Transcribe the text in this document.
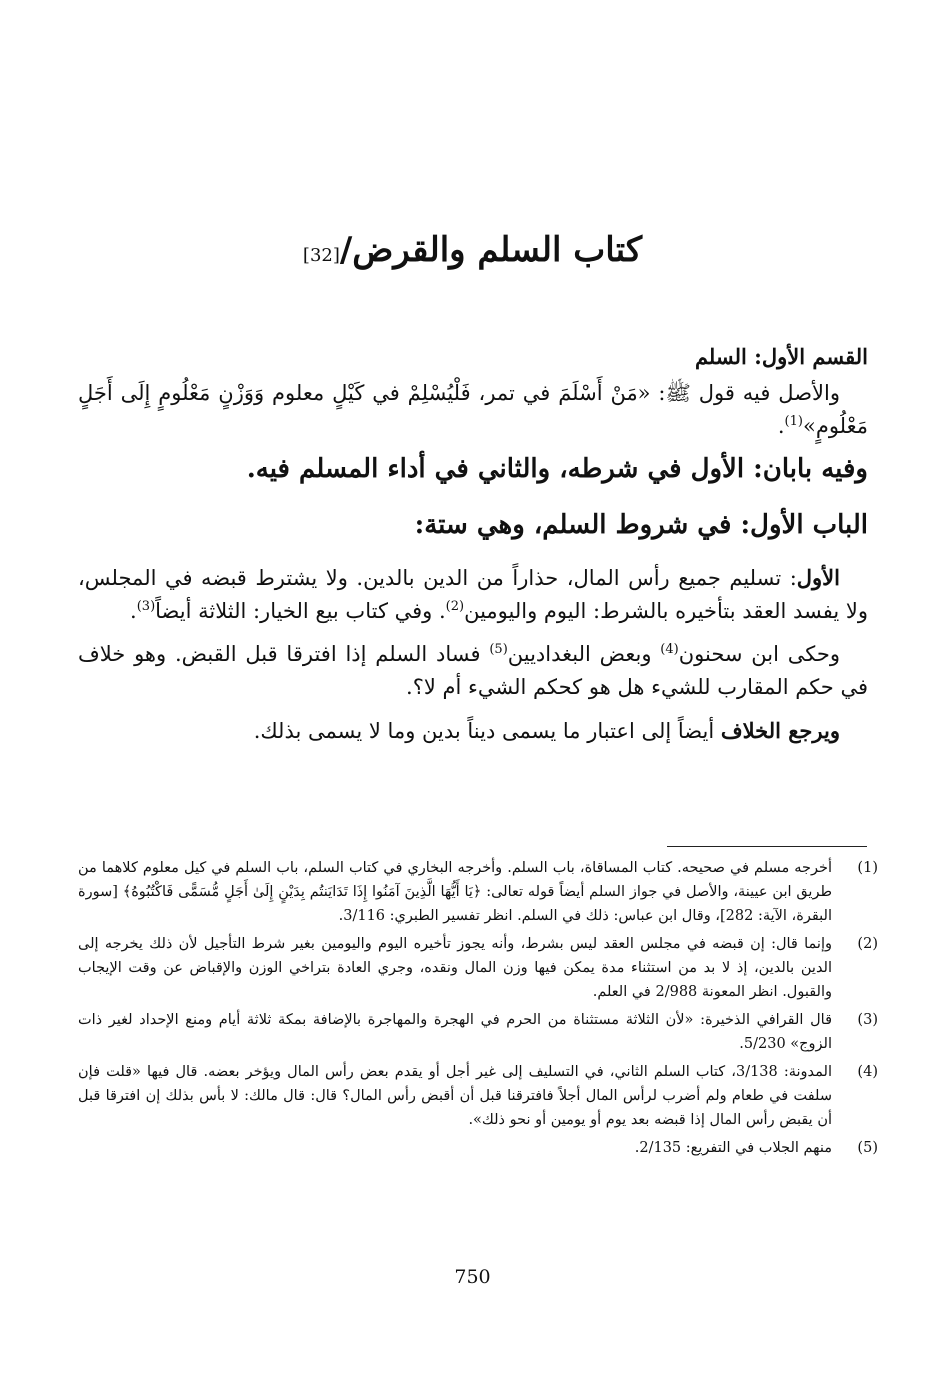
كتاب السلم والقرض/[32]

القسم الأول: السلم

والأصل فيه قول ﷺ: «مَنْ أَسْلَمَ في تمر، فَلْيُسْلِمْ في كَيْلٍ معلوم وَوَزْنٍ مَعْلُومٍ إِلَى أَجَلٍ مَعْلُومٍ»$^{(1)}$.

وفيه بابان: الأول في شرطه، والثاني في أداء المسلم فيه.

الباب الأول: في شروط السلم، وهي ستة:

الأول: تسليم جميع رأس المال، حذاراً من الدين بالدين. ولا يشترط قبضه في المجلس، ولا يفسد العقد بتأخيره بالشرط: اليوم واليومين$^{(2)}$. وفي كتاب بيع الخيار: الثلاثة أيضاً$^{(3)}$.

وحكى ابن سحنون$^{(4)}$ وبعض البغداديين$^{(5)}$ فساد السلم إذا افترقا قبل القبض. وهو خلاف في حكم المقارب للشيء هل هو كحكم الشيء أم لا؟.

ويرجع الخلاف أيضاً إلى اعتبار ما يسمى ديناً بدين وما لا يسمى بذلك.

(1)
أخرجه مسلم في صحيحه. كتاب المساقاة، باب السلم. وأخرجه البخاري في كتاب السلم، باب السلم في كيل معلوم كلاهما من طريق ابن عيينة، والأصل في جواز السلم أيضاً قوله تعالى: ﴿يَا أَيُّهَا الَّذِينَ آمَنُوا إِذَا تَدَايَنتُم بِدَيْنٍ إِلَىٰ أَجَلٍ مُّسَمًّى فَاكْتُبُوهُ﴾ [سورة البقرة، الآية: 282]، وقال ابن عباس: ذلك في السلم. انظر تفسير الطبري: 3/116.
(2)
وإنما قال: إن قبضه في مجلس العقد ليس بشرط، وأنه يجوز تأخيره اليوم واليومين بغير شرط التأجيل لأن ذلك يخرجه إلى الدين بالدين، إذ لا بد من استثناء مدة يمكن فيها وزن المال ونقده، وجري العادة بتراخي الوزن والإقباض عن وقت الإيجاب والقبول. انظر المعونة 2/988 في العلم.
(3)
قال القرافي الذخيرة: «لأن الثلاثة مستثناة من الحرم في الهجرة والمهاجرة بالإضافة بمكة ثلاثة أيام ومنع الإحداد لغير ذات الزوج» 5/230.
(4)
المدونة: 3/138، كتاب السلم الثاني، في التسليف إلى غير أجل أو يقدم بعض رأس المال ويؤخر بعضه. قال فيها «قلت فإن سلفت في طعام ولم أضرب لرأس المال أجلاً فافترقنا قبل أن أقبض رأس المال؟ قال: قال مالك: لا بأس بذلك إن افترقا قبل أن يقبض رأس المال إذا قبضه بعد يوم أو يومين أو نحو ذلك».
(5)
منهم الجلاب في التفريع: 2/135.
750
